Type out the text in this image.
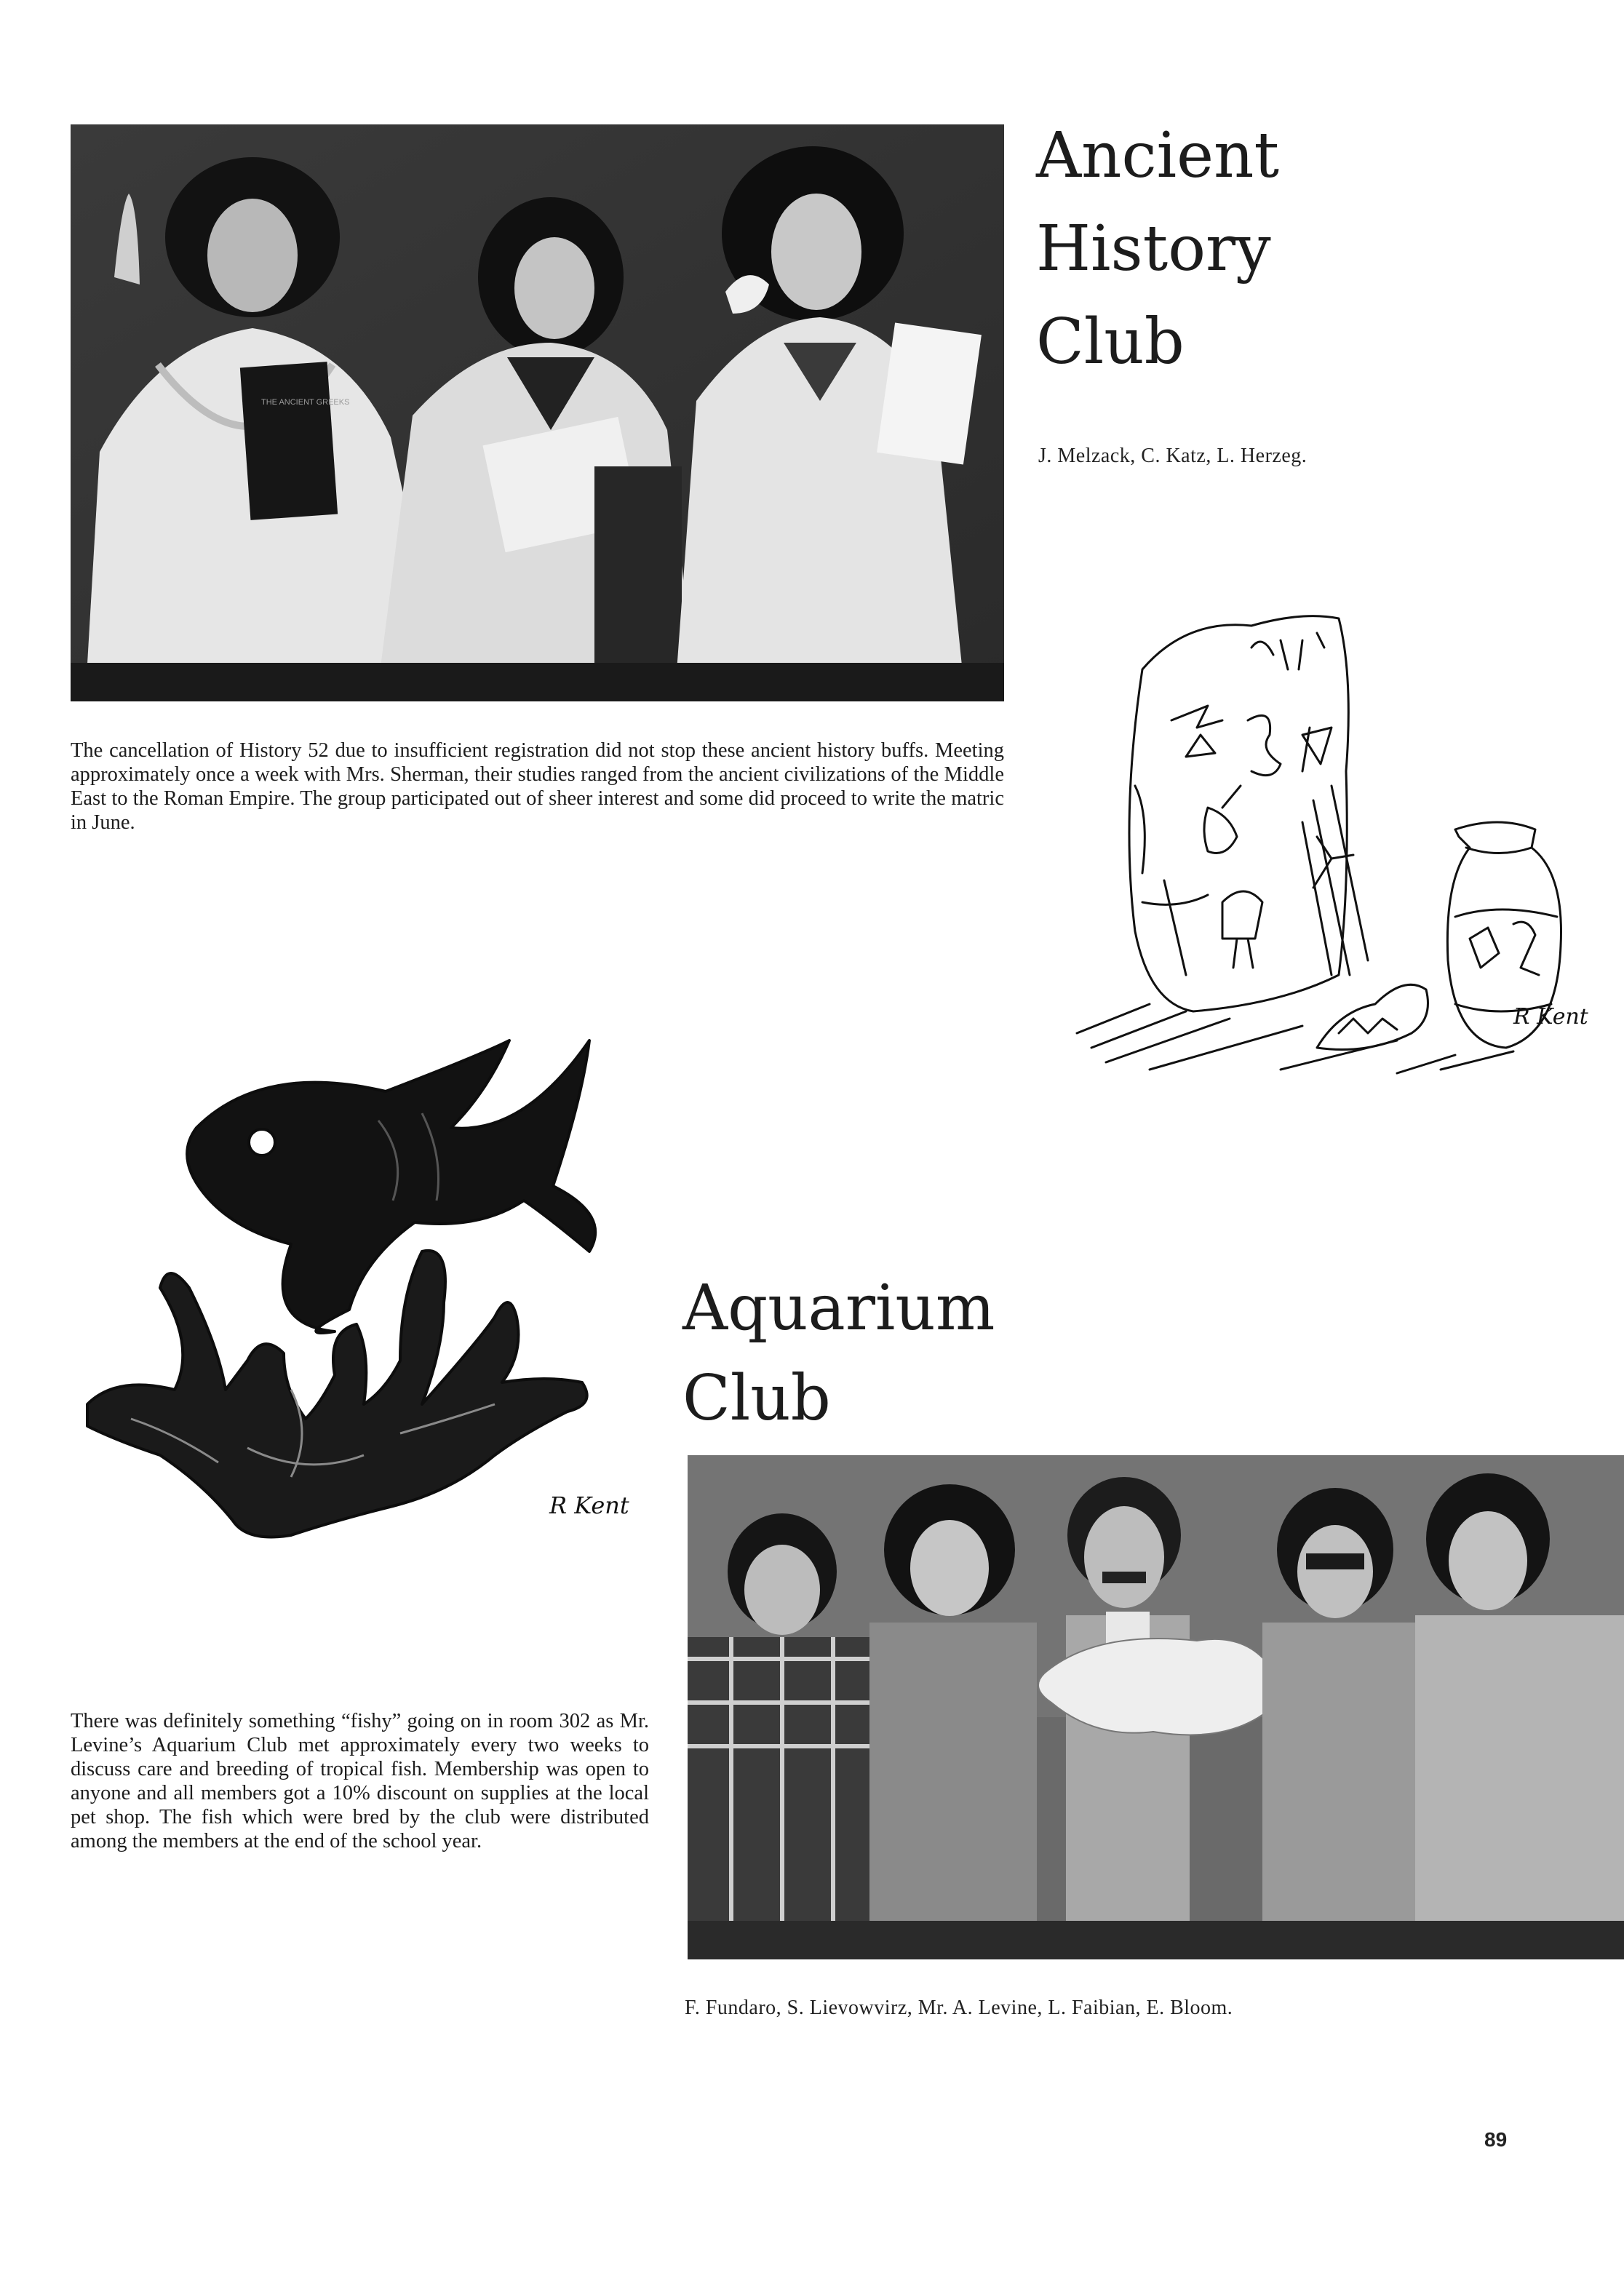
THE ANCIENT GREEKS
Ancient
History
Club

J. Melzack, C. Katz, L. Herzeg.

The cancellation of History 52 due to insufficient registration did not stop these ancient history buffs. Meeting approximately once a week with Mrs. Sherman, their studies ranged from the ancient civilizations of the Middle East to the Roman Empire. The group participated out of sheer interest and some did proceed to write the matric in June.

R Kent
R Kent
Aquarium
Club

There was definitely something “fishy” going on in room 302 as Mr. Levine’s Aquarium Club met approximately every two weeks to discuss care and breeding of tropical fish. Membership was open to anyone and all members got a 10% discount on supplies at the local pet shop. The fish which were bred by the club were distributed among the members at the end of the school year.

F. Fundaro, S. Lievowvirz, Mr. A. Levine, L. Faibian, E. Bloom.

89
